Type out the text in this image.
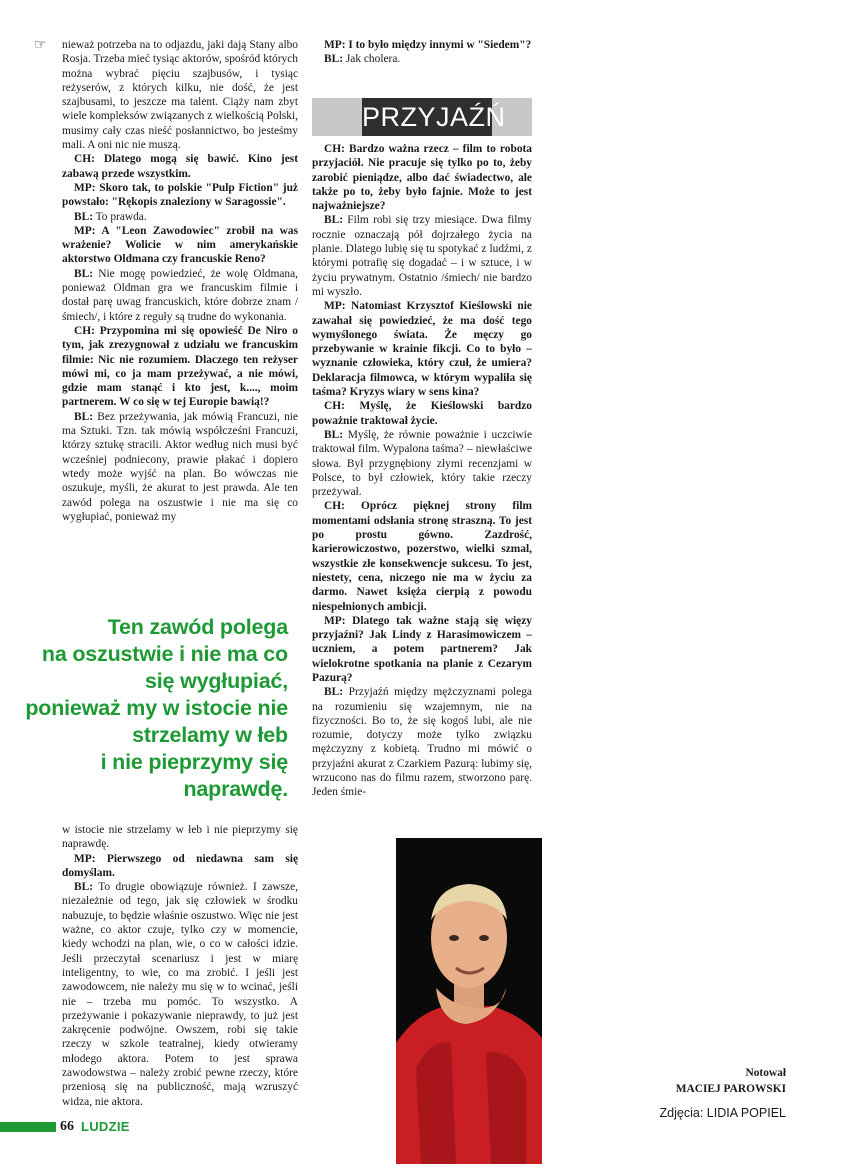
☞	nieważ potrzeba na to odjazdu, jaki dają Stany albo Rosja. Trzeba mieć tysiąc aktorów, spośród których można wybrać pięciu szajbusów, i tysiąc reżyserów, z których kilku, nie dość, że jest szajbusami, to jeszcze ma talent. Ciąży nam zbyt wiele kompleksów związanych z wielkością Polski, musimy cały czas nieść posłannictwo, bo jesteśmy mali. A oni nic nie muszą.

CH: Dlatego mogą się bawić. Kino jest zabawą przede wszystkim.

MP: Skoro tak, to polskie "Pulp Fiction" już powstało: "Rękopis znaleziony w Saragossie".

BL: To prawda.

MP: A "Leon Zawodowiec" zrobił na was wrażenie? Wolicie w nim amerykańskie aktorstwo Oldmana czy francuskie Reno?

BL: Nie mogę powiedzieć, że wolę Oldmana, ponieważ Oldman gra we francuskim filmie i dostał parę uwag francuskich, które dobrze znam /śmiech/, i które z reguły są trudne do wykonania.

CH: Przypomina mi się opowieść De Niro o tym, jak zrezygnował z udziału we francuskim filmie: Nic nie rozumiem. Dlaczego ten reżyser mówi mi, co ja mam przeżywać, a nie mówi, gdzie mam stanąć i kto jest, k...., moim partnerem. W co się w tej Europie bawią!?

BL: Bez przeżywania, jak mówią Francuzi, nie ma Sztuki. Tzn. tak mówią współcześni Francuzi, którzy sztukę stracili. Aktor według nich musi być wcześniej podniecony, prawie płakać i dopiero wtedy może wyjść na plan. Bo wówczas nie oszukuje, myśli, że akurat to jest prawda. Ale ten zawód polega na oszustwie i nie ma się co wygłupiać, ponieważ my

Ten zawód polega
na oszustwie i nie ma co
się wygłupiać,
ponieważ my w istocie nie
strzelamy w łeb
i nie pieprzymy się
naprawdę.

w istocie nie strzelamy w łeb i nie pieprzymy się naprawdę.

MP: Pierwszego od niedawna sam się domyślam.

BL: To drugie obowiązuje również. I zawsze, niezależnie od tego, jak się człowiek w środku nabuzuje, to będzie właśnie oszustwo. Więc nie jest ważne, co aktor czuje, tylko czy w momencie, kiedy wchodzi na plan, wie, o co w całości idzie. Jeśli przeczytał scenariusz i jest w miarę inteligentny, to wie, co ma zrobić. I jeśli jest zawodowcem, nie należy mu się w to wcinać, jeśli nie – trzeba mu pomóc. To wszystko. A przeżywanie i pokazywanie nieprawdy, to już jest zakręcenie podwójne. Owszem, robi się takie rzeczy w szkole teatralnej, kiedy otwieramy młodego aktora. Potem to jest sprawa zawodowstwa – należy zrobić pewne rzeczy, które przeniosą się na publiczność, mają wzruszyć widza, nie aktora.

MP: I to było między innymi w "Siedem"?

BL: Jak cholera.

PRZYJAŹŃ

CH: Bardzo ważna rzecz – film to robota przyjaciół. Nie pracuje się tylko po to, żeby zarobić pieniądze, albo dać świadectwo, ale także po to, żeby było fajnie. Może to jest najważniejsze?

BL: Film robi się trzy miesiące. Dwa filmy rocznie oznaczają pół dojrzałego życia na planie. Dlatego lubię się tu spotykać z ludźmi, z którymi potrafię się dogadać – i w sztuce, i w życiu prywatnym. Ostatnio /śmiech/ nie bardzo mi wyszło.

MP: Natomiast Krzysztof Kieślowski nie zawahał się powiedzieć, że ma dość tego wymyślonego świata. Że męczy go przebywanie w krainie fikcji. Co to było – wyznanie człowieka, który czuł, że umiera? Deklaracja filmowca, w którym wypaliła się taśma? Kryzys wiary w sens kina?

CH: Myślę, że Kieślowski bardzo poważnie traktował życie.

BL: Myślę, że równie poważnie i uczciwie traktował film. Wypalona taśma? – niewłaściwe słowa. Był przygnębiony złymi recenzjami w Polsce, to był człowiek, który takie rzeczy przeżywał.

CH: Oprócz pięknej strony film momentami odsłania stronę straszną. To jest po prostu gówno. Zazdrość, karierowiczostwo, pozerstwo, wielki szmal, wszystkie złe konsekwencje sukcesu. To jest, niestety, cena, niczego nie ma w życiu za darmo. Nawet księża cierpią z powodu niespełnionych ambicji.

MP: Dlatego tak ważne stają się więzy przyjaźni? Jak Lindy z Harasimowiczem – uczniem, a potem partnerem? Jak wielokrotne spotkania na planie z Cezarym Pazurą?

BL: Przyjaźń między mężczyznami polega na rozumieniu się wzajemnym, nie na fizyczności. Bo to, że się kogoś lubi, ale nie rozumie, dotyczy może tylko związku mężczyzny z kobietą. Trudno mi mówić o przyjaźni akurat z Czarkiem Pazurą: lubimy się, wrzucono nas do filmu razem, stworzono parę. Jeden śmie-

Notował
MACIEJ PAROWSKI
Zdjęcia: LIDIA POPIEL
66 LUDZIE
